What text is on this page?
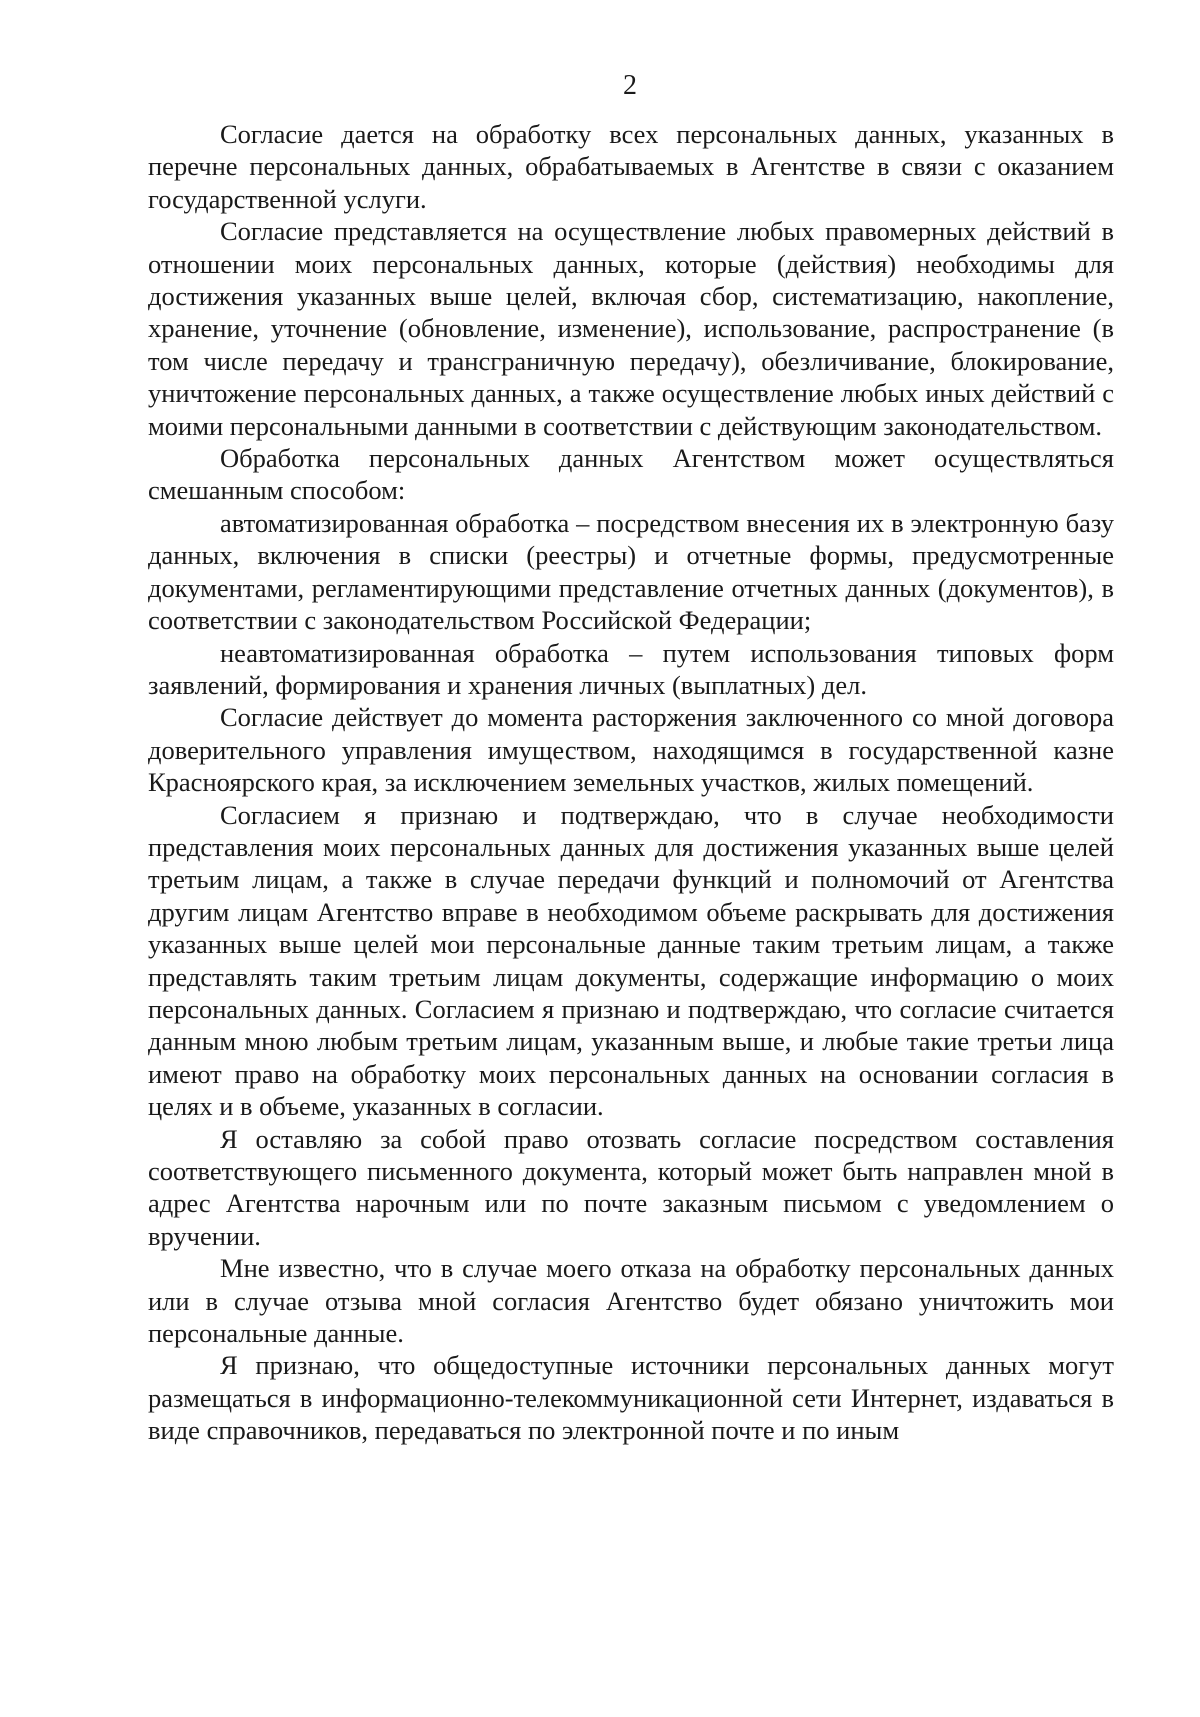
2

Согласие дается на обработку всех персональных данных, указанных в перечне персональных данных, обрабатываемых в Агентстве в связи с оказанием государственной услуги.

Согласие представляется на осуществление любых правомерных действий в отношении моих персональных данных, которые (действия) необходимы для достижения указанных выше целей, включая сбор, систематизацию, накопление, хранение, уточнение (обновление, изменение), использование, распространение (в том числе передачу и трансграничную передачу), обезличивание, блокирование, уничтожение персональных данных, а также осуществление любых иных действий с моими персональными данными в соответствии с действующим законодательством.

Обработка персональных данных Агентством может осуществляться смешанным способом:

автоматизированная обработка – посредством внесения их в электронную базу данных, включения в списки (реестры) и отчетные формы, предусмотренные документами, регламентирующими представление отчетных данных (документов), в соответствии с законодательством Российской Федерации;

неавтоматизированная обработка – путем использования типовых форм заявлений, формирования и хранения личных (выплатных) дел.

Согласие действует до момента расторжения заключенного со мной договора доверительного управления имуществом, находящимся в государственной казне Красноярского края, за исключением земельных участков, жилых помещений.

Согласием я признаю и подтверждаю, что в случае необходимости представления моих персональных данных для достижения указанных выше целей третьим лицам, а также в случае передачи функций и полномочий от Агентства другим лицам Агентство вправе в необходимом объеме раскрывать для достижения указанных выше целей мои персональные данные таким третьим лицам, а также представлять таким третьим лицам документы, содержащие информацию о моих персональных данных. Согласием я признаю и подтверждаю, что согласие считается данным мною любым третьим лицам, указанным выше, и любые такие третьи лица имеют право на обработку моих персональных данных на основании согласия в целях и в объеме, указанных в согласии.

Я оставляю за собой право отозвать согласие посредством составления соответствующего письменного документа, который может быть направлен мной в адрес Агентства нарочным или по почте заказным письмом с уведомлением о вручении.

Мне известно, что в случае моего отказа на обработку персональных данных или в случае отзыва мной согласия Агентство будет обязано уничтожить мои персональные данные.

Я признаю, что общедоступные источники персональных данных могут размещаться в информационно-телекоммуникационной сети Интернет, издаваться в виде справочников, передаваться по электронной почте и по иным
